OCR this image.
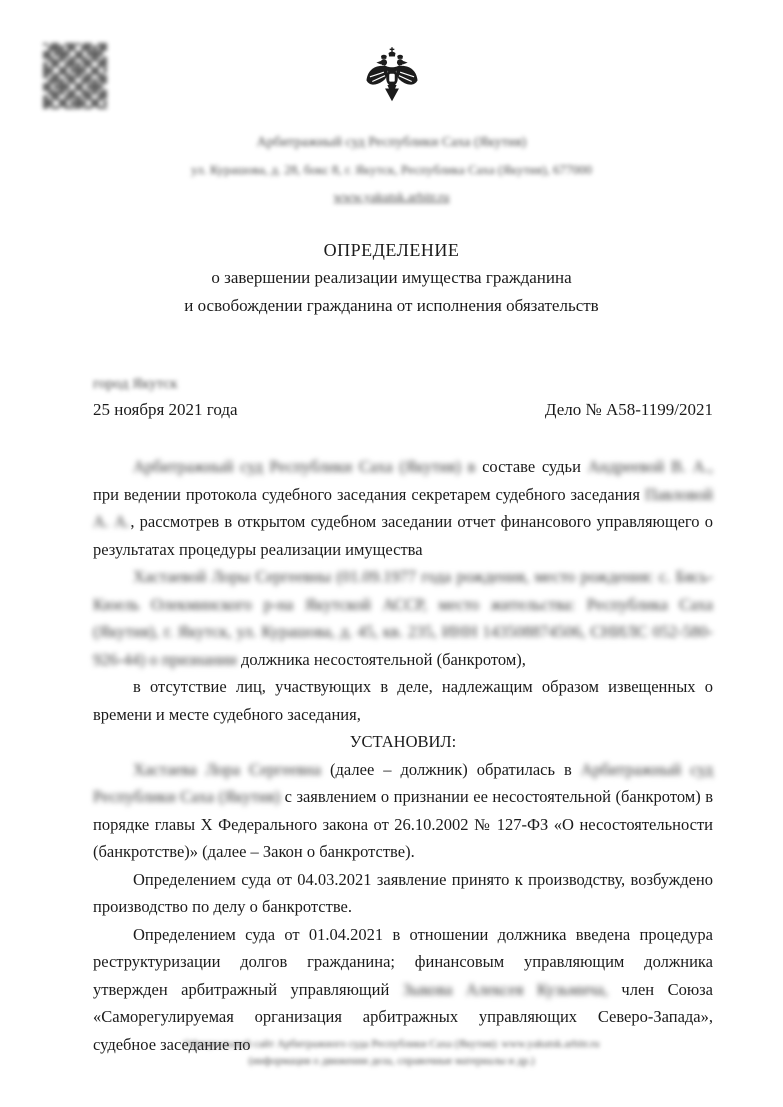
Арбитражный суд Республики Саха (Якутия)
ул. Курашова, д. 28, бокс 8, г. Якутск, Республика Саха (Якутия), 677000
www.yakutsk.arbitr.ru
ОПРЕДЕЛЕНИЕ
о завершении реализации имущества гражданина
и освобождении гражданина от исполнения обязательств
город Якутск
25 ноября 2021 года	Дело № А58-1199/2021

Арбитражный суд Республики Саха (Якутия) в составе судьи Андреевой В. А., при ведении протокола судебного заседания секретарем судебного заседания Павловой А. А., рассмотрев в открытом судебном заседании отчет финансового управляющего о результатах процедуры реализации имущества

Хастаевой Лоры Сергеевны (01.09.1977 года рождения, место рождения: с. Бясь-Кюель Олекминского р-на Якутской АССР, место жительства: Республика Саха (Якутия), г. Якутск, ул. Курашова, д. 45, кв. 235, ИНН 143508874506, СНИЛС 052-580-926-44) о признании должника несостоятельной (банкротом),

в отсутствие лиц, участвующих в деле, надлежащим образом извещенных о времени и месте судебного заседания,

УСТАНОВИЛ:

Хастаева Лора Сергеевна (далее – должник) обратилась в Арбитражный суд Республики Саха (Якутия) с заявлением о признании ее несостоятельной (банкротом) в порядке главы X Федерального закона от 26.10.2002 № 127-ФЗ «О несостоятельности (банкротстве)» (далее – Закон о банкротстве).

Определением суда от 04.03.2021 заявление принято к производству, возбуждено производство по делу о банкротстве.

Определением суда от 01.04.2021 в отношении должника введена процедура реструктуризации долгов гражданина; финансовым управляющим должника утвержден арбитражный управляющий Зыкова Алексея Кузьмича, член Союза «Саморегулируемая организация арбитражных управляющих Северо-Запада», судебное заседание по

Официальный сайт Арбитражного суда Республики Саха (Якутия): www.yakutsk.arbitr.ru
(информация о движении дела, справочные материалы и др.)
